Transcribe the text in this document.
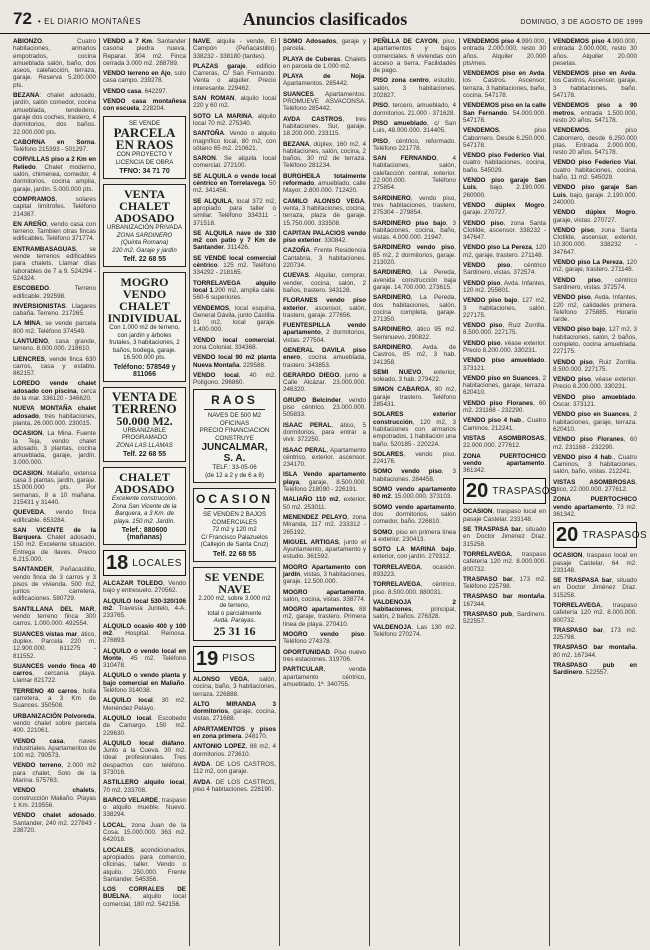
72 • EL DIARIO MONTAÑES	Anuncios clasificados	DOMINGO, 3 DE AGOSTO DE 1999

ABIONZO. Cuatro habitaciones, armarios empotrados, cocina amueblada salón, baño, dos aseos, calefacción, terraza, garaje. Reserva 5.200.000 pts.

BEZANA: chalet adosado, jardín, salón comedor, cocina amueblada, tendedero, garaje dos coches, trastero, 4 dormitorios, dos baños. 22.000.000 pts.

CABORNA en Sorna. Teléfono 215393 - 501297.

CORVILLAS piso a 2 Km en Reliedo. Chalet moderno, salón, chimenea, comedor, 4 dormitorios, cocina amplia, garaje, jardín. 5.000.000 pts.

COMPRAMOS, solares capital limítrofes. Teléfono 214367.

EN AREÑO, vendo casa con terreno. Tambien otras fincas edificables. Teléfono 371774.

ENTRAMBASAGUAS, se vende terrenos edificables para chalets. Llamar días laborables de 7 a 9. 524294 - 524324.

ESCOBEDO. Terreno edificable. 292598.

INVERSIONISTAS. Llagares cabaña. Terreno. 217265.

LA MINA, se vende parcela 800 m2. Teléfono 374549.

LANTUENO, casa grande, terreno. 8.000.000. 218610.

LIENCRES, vende finca 630 carros, casa y establo. 862157.

LOREDO vende chalet adosado con piscina, cerca de la mar. 336120 - 346620.

NUEVA MONTAÑA chalet adosado, tres habitaciones, planta, 26.000.000. 230015.

OCASION, La Mina. Fuente la Teja, vendo chalet adosado, 3 plantas, cocina amueblada, garaje, jardín. 3.000.000.

OCASION, Maliaño, extensa casa 3 plantas, jardín, garaje. 15.000.000 pts. Por semanas, 8 a 10 mañana. 215431 y 31440.

QUEVEDA, vendo finca edificable. 653284.

SAN VICENTE de la Barquera. Chalet adosado, 150 m2. Excelente situación. Entrega de llaves. Precio 6.215.000.

SANTANDER, Peñacastillo, vendo finca de 3 carros y 3 pisos de vivienda. 500 m2, juntos carretera, edificaciones. 580729.

SANTILLANA DEL MAR, vendo terreno finca 300 carros. 1.000.000. 492554.

SUANCES vistas mar, ático, duplex. Parcela 220 m. 12.900.000. 811275 - 811552.

SUANCES vendo finca 40 carros, cercanía playa. Llamar 821722.

TERRENO 40 carros, bolla carretera, a 3 Km de Suances. 350508.

URBANIZACIÓN Polvoreda, vendo chalet sobre parcela 400. 221061.

VENDO casa, naves industriales. Apartamentos de 100 m2. 790573.

VENDO terreno, 2.000 m2 para chalet, Soto de la Marina. 575763.

VENDO chalets, construcción Maliaño. Playas 1 Km. 219556.

VENDO chalet adosado, Santander, 240 m2. 227843 - 238720.

VENDO a 7 Km. Santander casona piedra nueva. Reparar. 304 m2. Finca cerrada 3.000 m2. 288789.

VENDO terreno en Ajo, solo casa campo. 239278.

VENDO casa. 642297.

VENDO casa montañesa con escuela. 228204.

SE VENDE
PARCELA EN RAOS
CON PROYECTO Y LICENCIA DE OBRA
TFNO: 34 71 70
VENTA CHALET ADOSADO
URBANIZACIÓN PRIVADA
ZONA SARDINERO (Quinta Romana)
220 m2. Garaje y jardín
Telf. 22 68 55
MOGRO
VENDO CHALET INDIVIDUAL
Con 1.000 m2 de terreno, con jardín y árboles frutales, 3 habitaciones, 2 baños, bodega, garaje. 16.500.000 pts.
Teléfono: 578549 y 811066
VENTA DE TERRENO
50.000 M2.
URBANIZABLE PROGRAMADO
ZONA LAS LLAMAS
Telf. 22 68 55
CHALET ADOSADO
Excelente construcción. Zona San Vicente de la Barquera, a 3 Km. de playa. 150 m2. Jardín.
Telef.: 880600 (mañanas)
18 LOCALES

ALCAZAR TOLEDO, Vendo bajo y entresuelo. 270562.

ALQUILO local 530-320/106 m2. Travesía Juntelo, 4-A. 233765.

ALQUILO ocasio 400 y 100 m2. Hospital. Reinosa. 276893.

ALQUILO o vendo local en Monte, 45 m2. Teléfono 310478.

ALQUILO o vendo planta y bajo comercial en Maliaño. Teléfono 314038.

ALQUILO local. 30 m2. Menéndez Pelayo.

ALQUILO local. Escobedo de Camargo. 150 m2. 229630.

ALQUILO local diáfano. Junto a la Cueva. 30 m2. Ideal profesionales. Tres despachos con teléfono. 373016.

ASTILLERO alquilo local, 70 m2. 233708.

BARCO VELARDE, traspaso o alquilo mueble. Nuevo. 338294.

LOCAL, zona Juan de la Cosa. 15.000.000. 363 m2. 642018.

LOCALES, acondicionados, apropiados para comercio, oficinas, taller. Vendo o alquilo. 250.000. Frente Santander. 545356.

LOS CORRALES DE BUELNA, alquilo local comercial, 180 m2. 542156.

NAVE, alquila - vende, El Campón (Peñacastillo). 338232 - 338180 (tardes).

PLAZAS garaje, edificio Carreras, C/ San Fernando. Venta o alquiler. Precio interesante. 229462.

SAN ROMAN, alquilo local 220 y 60 m2.

SOTO LA MARINA, alquilo local 70 m2. 275340.

SANTOÑA. Vendo o alquilo magnífico local, 80 m2, con sótano 65 m2. 210621.

SARON. Se alquila local comercial. 272100.

SE ALQUILA o vende local céntrico en Torrelavega. 50 m2. 341456.

SE ALQUILA, local 372 m2, apropiado para taller o similar. Teléfono 334311 - 371518.

SE ALQUILA nave de 330 m2 con patio y 7 Km de Santander. 311426.

SE VENDE local comercial céntrico. 125 m2. Teléfono 334292 - 218165.

TORRELAVEGA alquilo local 1.200 m2, amplia calle. 560-6 superiores.

VENDEMOS, local esquina, General Dávila, junto Castilla. 91 m2, local garaje. 1.400.000.

VENDO local comercial, zona Colonial, 334368.

VENDO local 90 m2 planta Nueva Montaña. 229588.

VENDO local, 40 m2. Polígono. 296860.

RAOS
NAVES DE 500 M2
OFICINAS
PRECIO FINANCIACION
CONSTRUYE
JUNCALMAR, S. A.
TELF.: 33-05-06
(de 12 a 2 y de 6 a 8)
OCASION
SE VENDEN 2 BAJOS
COMERCIALES
72 m2 y 120 m2
C/ Francisco Palazuelos
(Callejón de Santa Cruz)
Telf. 22 68 55
SE VENDE NAVE
2.200 m2, sobre 3.000 m2 de terreno,
total o parcialmente
Avda. Parayas.
25 31 16
19 PISOS

ALONSO VEGA, salón, cocina, baño, 3 habitaciones, terraza. 226888.

ALTO MIRANDA 3 dormitorios, garaje, cocina, vistas, 271688.

APARTAMENTOS y pisos en zona primera. 248170.

ANTONIO LOPEZ, 88 m2, 4 dormitorios. 273610.

AVDA. DE LOS CASTROS, 112 m2, con garaje.

AVDA. DE LOS CASTROS, piso 4 habitaciones. 228190.

SOMO Adosados, garaje y parcela.

PLAYA de Cuberas. Chalets en parcela de 1.000 m2.

PLAYA de Noja. Apartamentos. 285442.

SUANCES. Apartamentos. PROMUEVE ASVACONSA. Teléfono 285442.

AVDA CASTROS, tres habitaciones. Sur, garaje. 18.200.000. 233115.

BEZANA, dúplex, 160 m2, 4 habitaciones, salón, cocina, 2 baños, 30 m2 de terraza. Teléfono 281234.

BURGHEILA totalmente reformado, amueblado, calle Mayor. 2.800.000. 712420.

CAMILO ALONSO VEGA, venta, 3 habitaciones, cocina, terraza, plaza de garaje. 15.750.000. 333508.

CAPITAN PALACIOS vendo piso exterior. 330842.

CAZOÑA. Frente Residencia Cantabria, 3 habitaciones. 220734.

CUEVAS. Alquilar, comprar, vender, cocina, salón, 2 baños, trastero. 343128.

FLORANES vendo piso exterior, ascensor, salón, trastero, garaje. 277656.

FUENTESPILLA vendo apartamento, 2 dormitorios, vistas. 277504.

GENERAL DAVILA piso enero, cocina amueblada, trastero. 343853.

GERARDO DIEGO, junto a Calle Alcázar. 23.000.000. 246320.

GRUPO Belcinder, vendo piso céntrico. 23.000.000. 505833.

ISAAC PERAL, ático, 5 dormitorios, para entrar a vivir. 372250.

ISAAC PERAL, Apartamento céntrico, exterior, ascensor. 234170.

ISLA Vendo apartamento playa, garaje, 8.500.000. Teléfono 218090 - 226191.

MALIAÑO 110 m2, exterior, 50 m2. 253011.

MENENDEZ PELAYO, zona Miranda, 117 m2. 233312 - 265192.

MIGUEL ARTIGAS, junto el Ayuntamiento, apartamento y estudio. 361592.

MOGRO Apartamento con jardín, vistas, 3 habitaciones, garaje. 12.500.000.

MOGRO apartamento, salón, cocina, vistas. 338774.

MOGRO apartamentos, 88 m2, garaje, trastero. Primera línea de playa. 270410.

MOGRO vendo piso. Teléfono 274378.

OPORTUNIDAD. Piso nuevo tres estaciones. 319706.

PARTICULAR, vende apartamento céntrico, amueblado, 1ª. 340755.

PEÑILLA DE CAYON, piso, apartamentos y bajos comerciales. 6 viviendas con acceso a tierra. Facilidades de pago.

PISO zona centro, estudio, salón, 3 habitaciones. 202827.

PISO, tercero, amueblado, 4 dormitorios. 21.000 - 371628.

PISO amueblado, c/ San Luis, 48.000.000. 314405.

PISO, céntrico, reformado. Teléfono 221778.

SAN FERNANDO, 4 habitaciones, salón, calefacción central, exterior. 22.000.000. Teléfono 275854.

SARDINERO, vendo piso, tres habitaciones, trastero, 275304 - 279854.

SARDINERO piso bajo, 3 habitaciones, cocina, baño, vistas. 4.000.000. 21947.

SARDINERO vendo piso, 85 m2, 2 dormitorios, garaje. 213020.

SARDINERO, La Pereda, avenida construcción baja garaje. 14.700.000. 273615.

SARDINERO, La Pereda, dos habitaciones, salón, cocina completa, garaje. 271350.

SARDINERO, ático 95 m2. Seminuevo. 290822.

SARDINERO, Avda. de Castros, 85 m2, 3 hab. 241358.

SEMI NUEVO, exterior, soleado, 3 hab. 279422.

SIMON CABARGA, 80 m2, garaje trastero. Teléfono 285431.

SOLARES exterior construcción, 120 m2, 3 habitaciones con armarios empotrados, 1 habitación una baño. 520185 - 220224.

SOLARES, vendo piso. 224176.

SOMO vendo piso, 3 habitaciones. 284458.

SOMO vendo apartamento 60 m2. 15.000.000. 373103.

SOMO vendo apartamento, dos dormitorios, salón comedor, baño. 226810.

SOMO, piso en primera línea a exterior. 230413.

SOTO LA MARINA bajo, exterior, con jardín. 279312.

TORRELAVEGA, ocasión. 893223.

TORRELAVEGA, céntrico, piso. 8.500.000. 880031.

VALDENOJA 2 habitaciones, principal, salón, 2 baños. 276328.

VALDENOJA, Las 130 m2. Teléfono 270274.

VENDEMOS piso 4.990.000, entrada 2.000.000, resto 30 años. Alquiler 20.000 pts/mes.

VENDEMOS piso en Avda. los Castros. Ascensor, terraza, 3 habitaciones, baño, cocina. 547178.

VENDEMOS piso en la calle San Fernando. 54.000.000. 547178.

VENDEMOS, piso Cabornero. Desde 6.250.000. 547178.

VENDO piso Federico Vial, cuatro habitaciones, cocina, baño. 545029.

VENDO piso garaje San Luis, bajo. 2.190.000. 260000.

VENDO dúplex Mogro, garaje. 270727.

VENDO piso, zona Santa Clotilde, ascensor. 338232 - 347647.

VENDO piso La Pereza, 120 m2, garaje, trastero. 271148.

VENDO piso, céntrico Sardinero, vistas. 372574.

VENDO piso, Avda. Infantes, 120 m2. 255601.

VENDO piso bajo, 127 m2, 3 habitaciones, salón. 227175.

VENDO piso, Ruiz Zorrilla. 8.500.000. 227175.

VENDO piso, véase exterior. Precio 8.200.000. 330231.

VENDO piso amueblado. 373121.

VENDO piso en Suances, 2 habitaciones, garaje, terraza. 620410.

VENDO piso Floranes, 60 m2. 231168 - 232290.

VENDO piso 4 hab., Cuatro Caminos. 212241.

VISTAS ASOMBROSAS, 22.000.000. 277612.

ZONA PUERTOCHICO vendo apartamento. 361342.

20 TRASPASOS

OCASION, traspaso local en pasaje Castelar. 233148.

SE TRASPASA bar, situado en Doctor Jiménez Díaz. 315258.

TORRELAVEGA, traspaso cafetería 120 m2. 8.000.000. 800732.

TRASPASO bar, 173 m2. Teléfono 225798.

TRASPASO bar montaña. 167344.

TRASPASO pub, Sardinero. 522557.

VENDEMOS piso 4.990.000, entrada 2.000.000, resto 30 años. Alquiler 20.000 pesetas.

VENDEMOS piso en Avda. los Castros, Ascensor, garaje, 3 habitaciones, baño. 547178.

VENDEMOS piso a 90 metros, entrada 1.500.000, resto 20 años. 547178.

VENDEMOS, piso Cabornero, desde 6.250.000 ptas. Entrada 2.000.000, resto 20 años. 547178.

VENDO piso Federico Vial, cuatro habitaciones, cocina, baño, 11 m2. 545029.

VENDO piso garaje San Luis, bajo, garaje. 2.190.000. 240000.

VENDO dúplex Mogro, garaje, vistas. 270727.

VENDO piso, zona Santa Clotilde, ascensor, exterior, 10.300.000. 338232 - 347647.

VENDO piso La Pereza, 120 m2, garaje, trastero. 271148.

VENDO piso, céntrico Sardinero, vistas. 372574.

VENDO piso, Avda. Infantes, 120 m2, calidades primera. Teléfono 275885. Horario tarde.

VENDO piso bajo, 127 m2, 3 habitaciones, salón, 2 baños, completo, cocina amueblada. 227175.

VENDO piso, Ruiz Zorrilla. 8.500.000. 227175.

VENDO piso, véase exterior. Precio 8.200.000. 330231.

VENDO piso amueblado. Oscar. 373121.

VENDO piso en Suances, 2 habitaciones, garaje, terraza. 620410.

VENDO piso Floranes, 60 m2. 231168 - 232290.

VENDO piso 4 hab., Cuatro Caminos, 3 habitaciones, salón, baño, vistas. 212241.

VISTAS ASOMBROSAS, ático, 22.000.000. 277612.

ZONA PUERTOCHICO vendo apartamento, 73 m2. 361342.

20 TRASPASOS

OCASION, traspaso local en pasaje Castelar, 64 m2. 233148.

SE TRASPASA bar, situado en Doctor Jiménez Díaz. 315258.

TORRELAVEGA, traspaso cafetería 120 m2. 8.000.000. 800732.

TRASPASO bar, 173 m2. 225798.

TRASPASO bar montaña, 80 m2. 167344.

TRASPASO pub en Sardinero. 522557.
